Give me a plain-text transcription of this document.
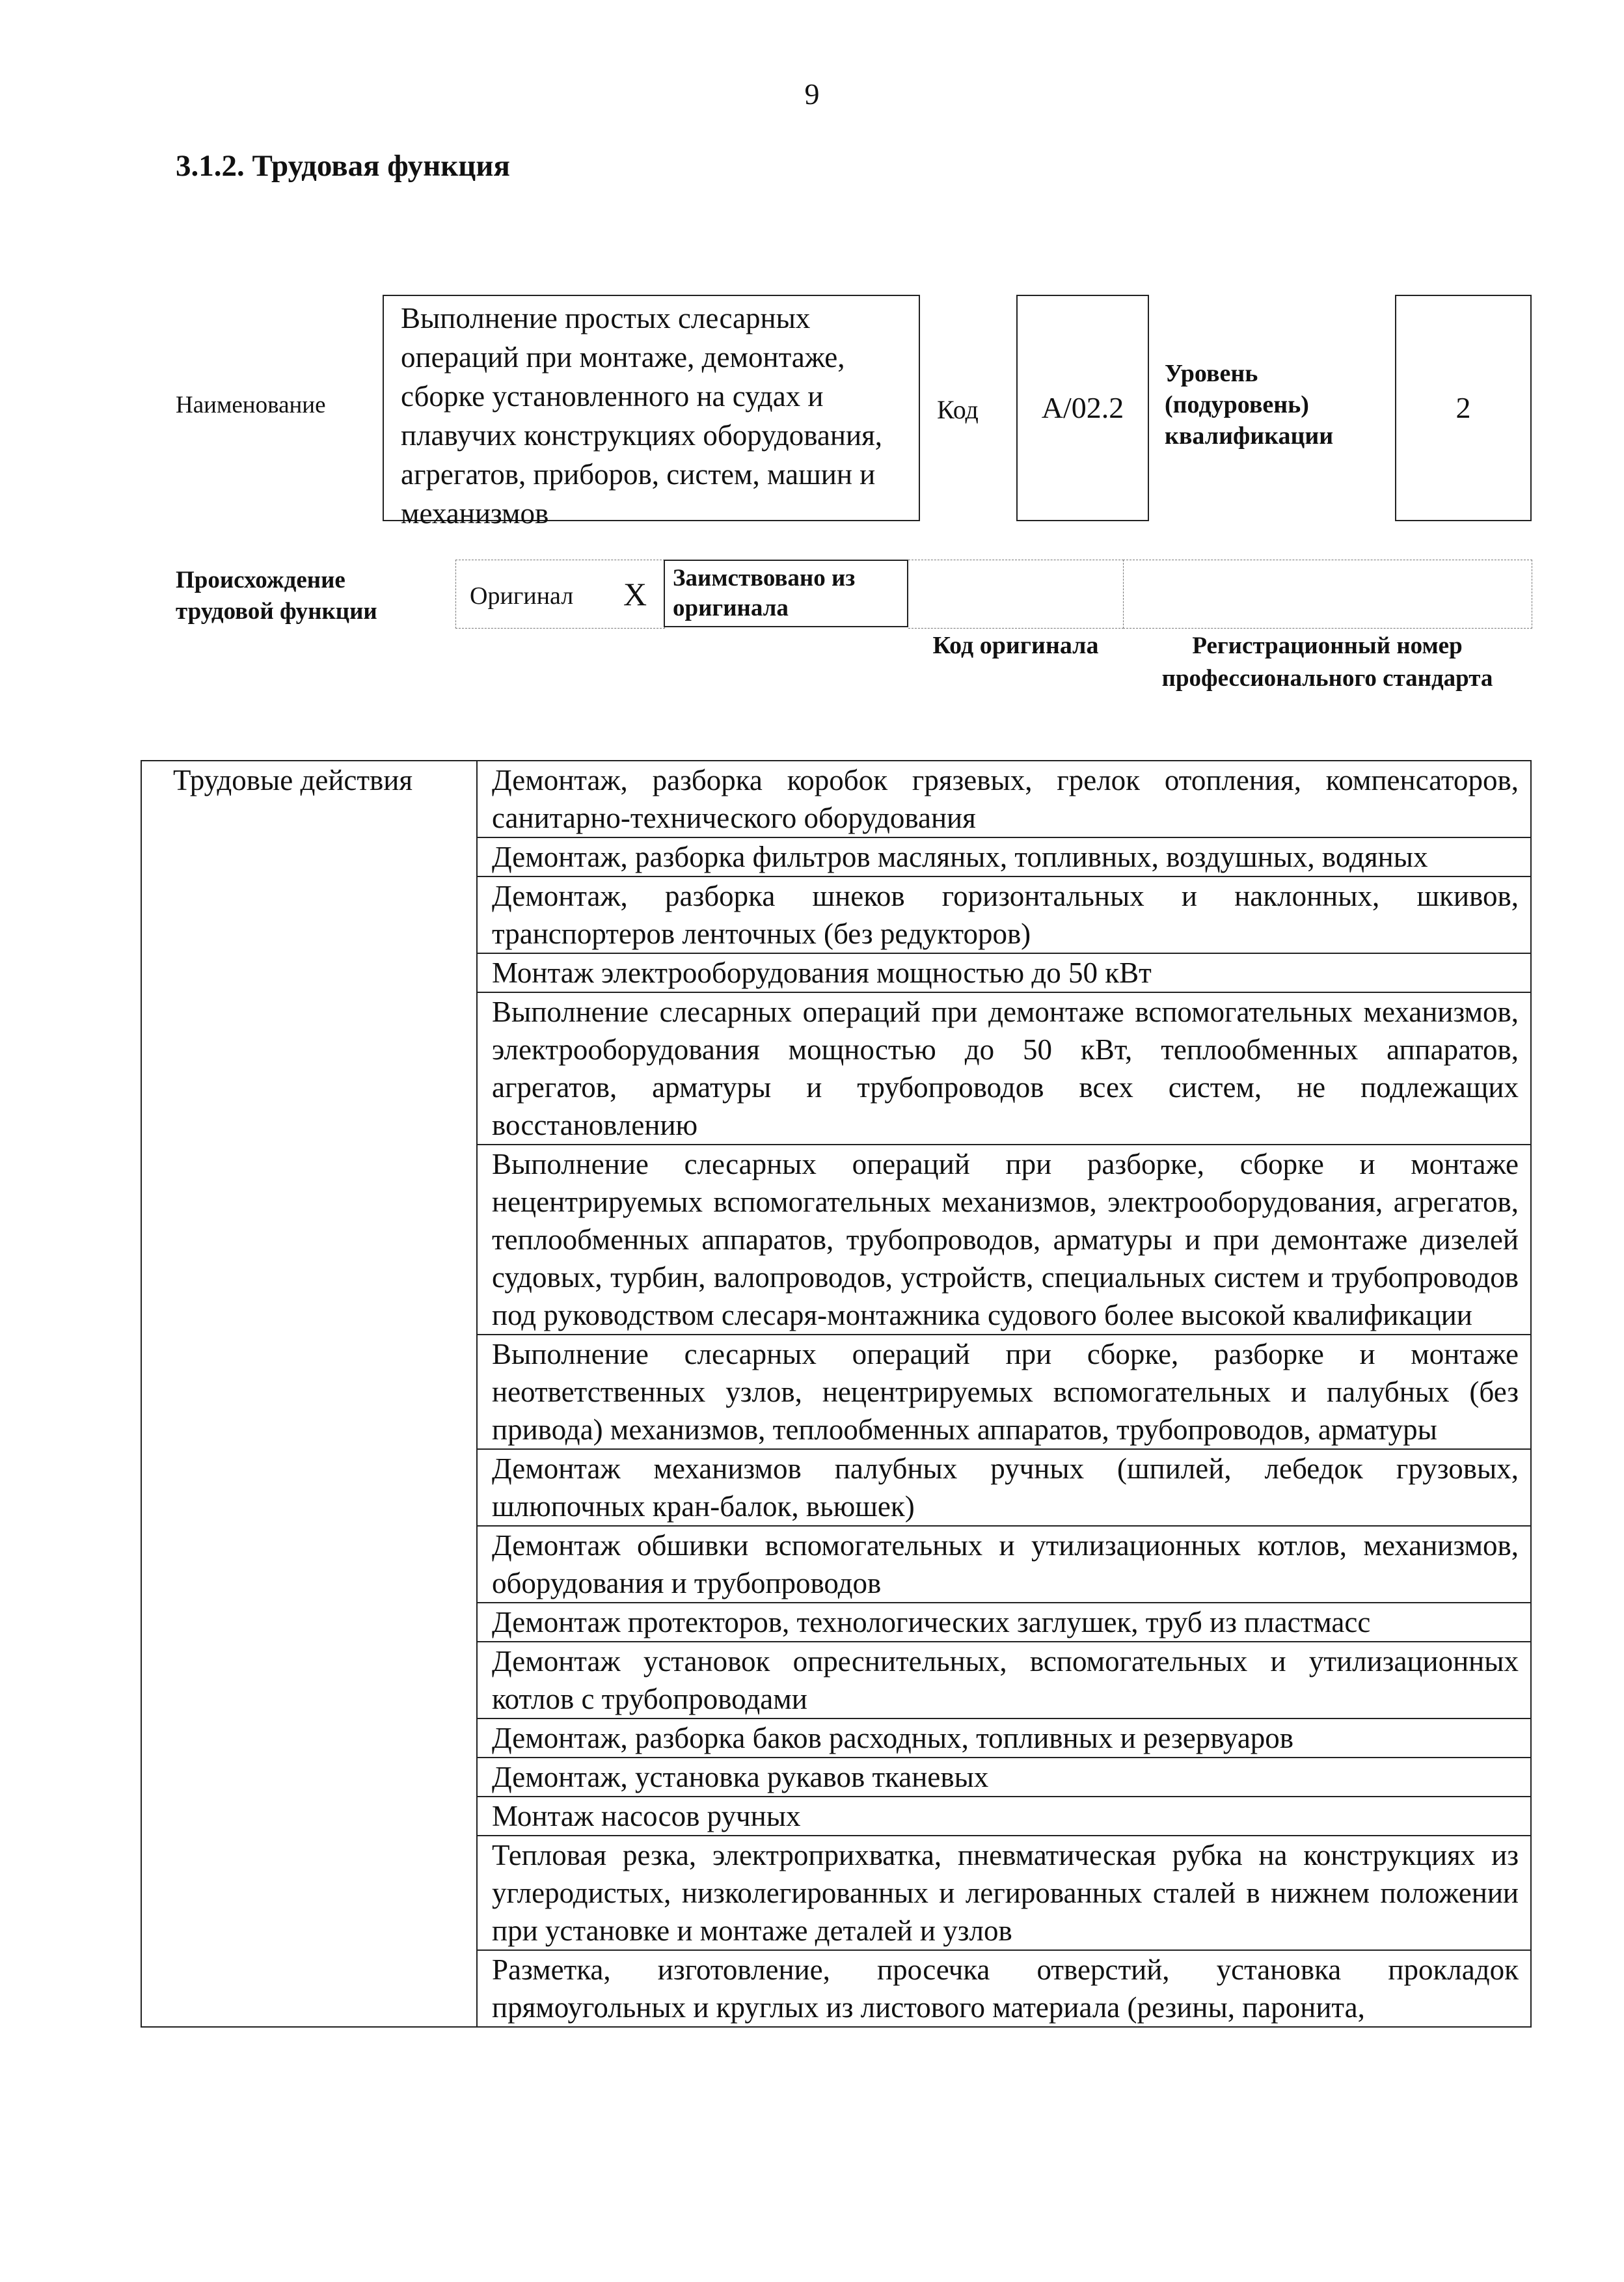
9
3.1.2. Трудовая функция
Наименование
Выполнение простых слесарных операций при монтаже, демонтаже, сборке установленного на судах и плавучих конструкциях оборудования, агрегатов, приборов, систем, машин и механизмов
Код	A/02.2
Уровень (подуровень) квалификации
2
Происхождение трудовой функции
Оригинал X Заимствовано из оригинала
Код оригинала	Регистрационный номер профессионального стандарта
Трудовые действия	Демонтаж, разборка коробок грязевых, грелок отопления, компенсаторов, санитарно-технического оборудования
Демонтаж, разборка фильтров масляных, топливных, воздушных, водяных
Демонтаж, разборка шнеков горизонтальных и наклонных, шкивов, транспортеров ленточных (без редукторов)
Монтаж электрооборудования мощностью до 50 кВт
Выполнение слесарных операций при демонтаже вспомогательных механизмов, электрооборудования мощностью до 50 кВт, теплообменных аппаратов, агрегатов, арматуры и трубопроводов всех систем, не подлежащих восстановлению
Выполнение слесарных операций при разборке, сборке и монтаже нецентрируемых вспомогательных механизмов, электрооборудования, агрегатов, теплообменных аппаратов, трубопроводов, арматуры и при демонтаже дизелей судовых, турбин, валопроводов, устройств, специальных систем и трубопроводов под руководством слесаря-монтажника судового более высокой квалификации
Выполнение слесарных операций при сборке, разборке и монтаже неответственных узлов, нецентрируемых вспомогательных и палубных (без привода) механизмов, теплообменных аппаратов, трубопроводов, арматуры
Демонтаж механизмов палубных ручных (шпилей, лебедок грузовых, шлюпочных кран-балок, вьюшек)
Демонтаж обшивки вспомогательных и утилизационных котлов, механизмов, оборудования и трубопроводов
Демонтаж протекторов, технологических заглушек, труб из пластмасс
Демонтаж установок опреснительных, вспомогательных и утилизационных котлов с трубопроводами
Демонтаж, разборка баков расходных, топливных и резервуаров
Демонтаж, установка рукавов тканевых
Монтаж насосов ручных
Тепловая резка, электроприхватка, пневматическая рубка на конструкциях из углеродистых, низколегированных и легированных сталей в нижнем положении при установке и монтаже деталей и узлов
Разметка, изготовление, просечка отверстий, установка прокладок прямоугольных и круглых из листового материала (резины, паронита,
